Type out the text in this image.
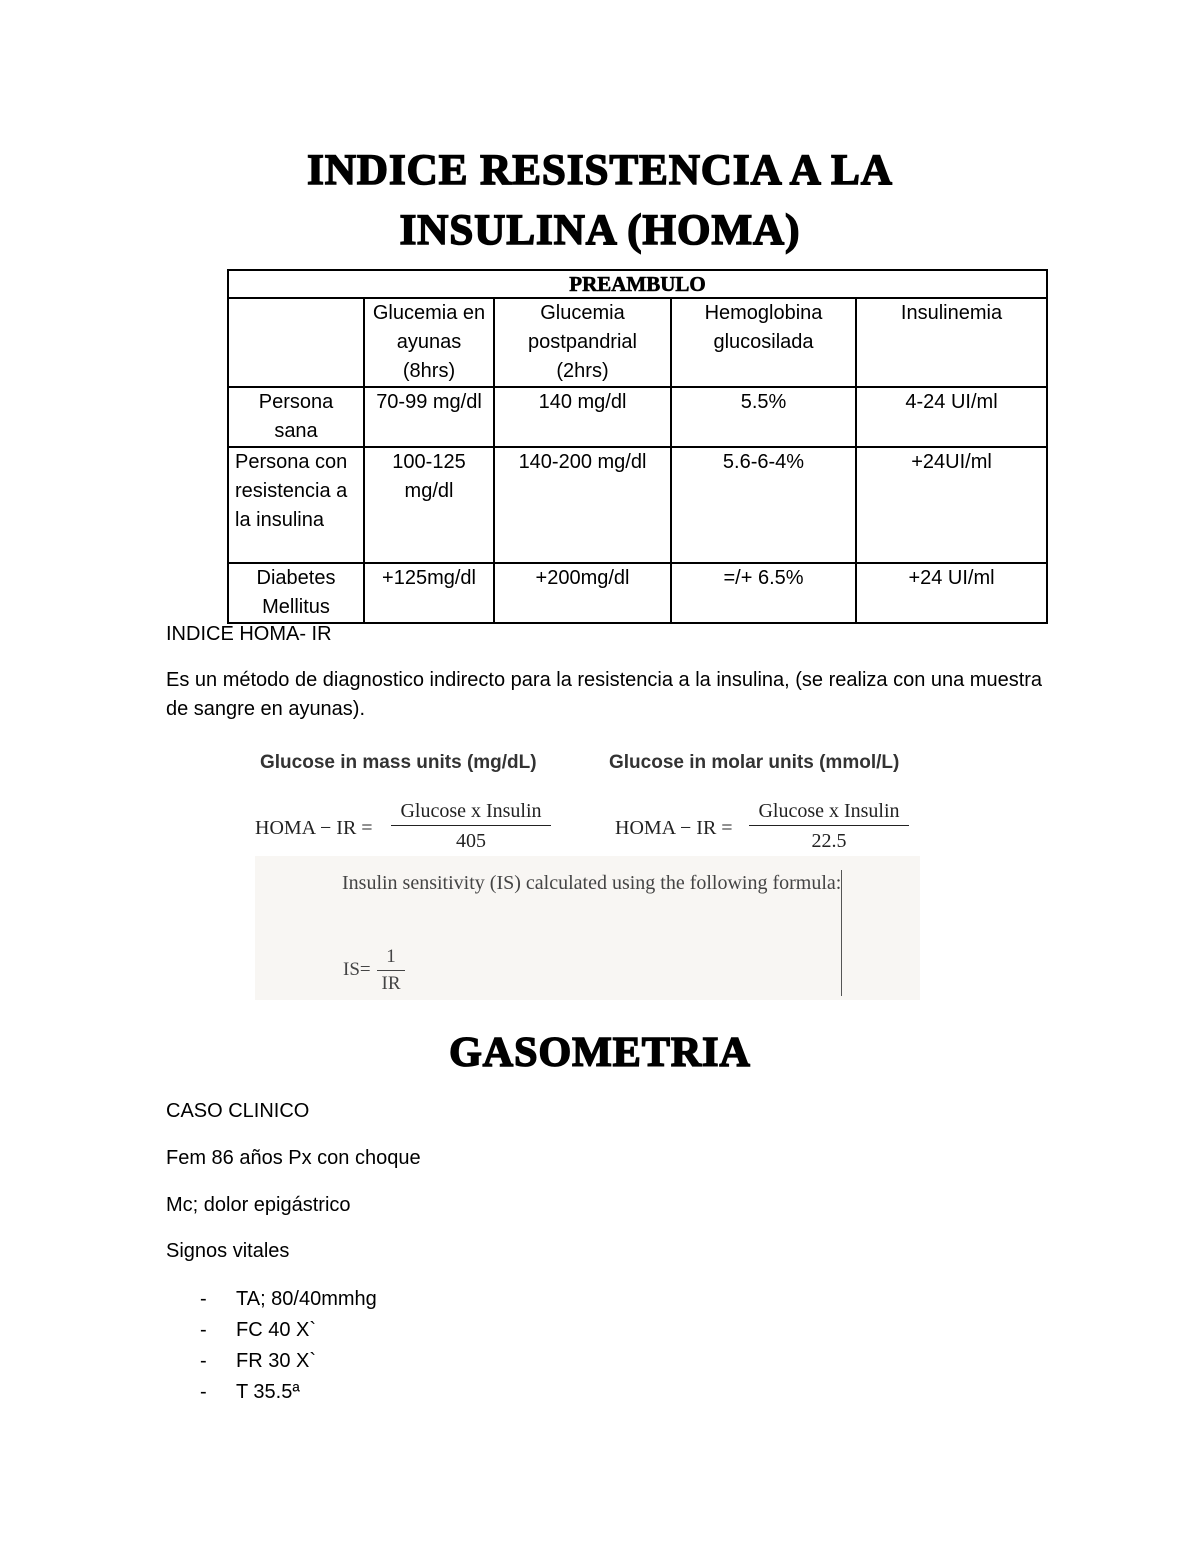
INDICE RESISTENCIA A LA
INSULINA (HOMA)
PREAMBULO				
	Glucemia en ayunas (8hrs)	Glucemia postpandrial (2hrs)	Hemoglobina glucosilada	Insulinemia
Persona sana	70-99 mg/dl	140 mg/dl	5.5%	4-24 UI/ml
Persona con resistencia a la insulina	100-125 mg/dl	140-200 mg/dl	5.6-6-4%	+24UI/ml
Diabetes Mellitus	+125mg/dl	+200mg/dl	=/+ 6.5%	+24 UI/ml

INDICE HOMA- IR

Es un método de diagnostico indirecto para la resistencia a la insulina, (se realiza con una muestra de sangre en ayunas).

Glucose in mass units (mg/dL)	Glucose in molar units (mmol/L)
HOMA − IR =
Glucose x Insulin
405
HOMA − IR =
Glucose x Insulin
22.5
Insulin sensitivity (IS) calculated using the following formula:
$IS= \frac{1}{IR}$
GASOMETRIA

CASO CLINICO

Fem 86 años Px con choque

Mc; dolor epigástrico

Signos vitales

- TA; 80/40mmhg
- FC 40 X`
- FR 30 X`
- T 35.5ª
